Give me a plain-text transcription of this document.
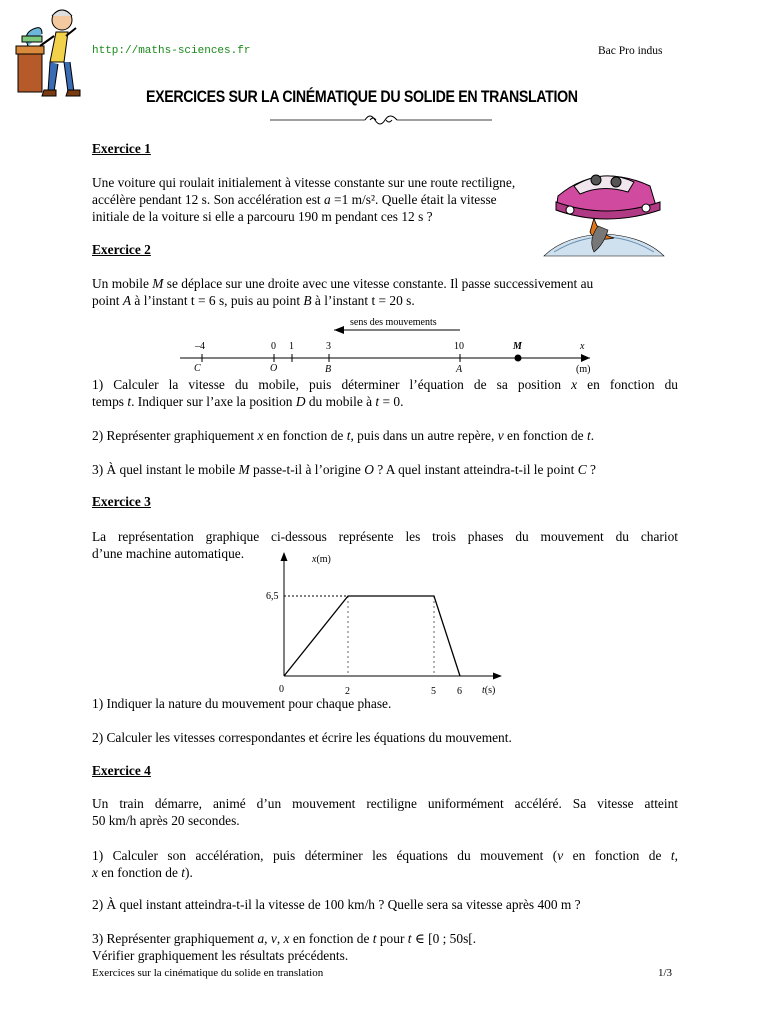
http://maths-sciences.fr	Bac Pro indus
EXERCICES SUR LA CINÉMATIQUE DU SOLIDE EN TRANSLATION
Exercice 1
Une voiture qui roulait initialement à vitesse constante sur une route rectiligne,
accélère pendant 12 s. Son accélération est a =1 m/s². Quelle était la vitesse
initiale de la voiture si elle a parcouru 190 m pendant ces 12 s ?
Exercice 2
Un mobile M se déplace sur une droite avec une vitesse constante. Il passe successivement au
point A à l’instant t = 6 s, puis au point B à l’instant t = 20 s.
sens des mouvements
–4	0 1	3	10	M	x
C	O	B	A	(m)
1) Calculer la vitesse du mobile, puis déterminer l’équation de sa position x en fonction du
temps t. Indiquer sur l’axe la position D du mobile à t = 0.
2) Représenter graphiquement x en fonction de t, puis dans un autre repère, v en fonction de t.
3) À quel instant le mobile M passe-t-il à l’origine O ? A quel instant atteindra-t-il le point C ?
Exercice 3
La représentation graphique ci-dessous représente les trois phases du mouvement du chariot
d’une machine automatique.	x(m)
6,5
0	2	5 6 t(s)
1) Indiquer la nature du mouvement pour chaque phase.
2) Calculer les vitesses correspondantes et écrire les équations du mouvement.
Exercice 4
Un train démarre, animé d’un mouvement rectiligne uniformément accéléré. Sa vitesse atteint
50 km/h après 20 secondes.
1) Calculer son accélération, puis déterminer les équations du mouvement (v en fonction de t,
x en fonction de t).
2) À quel instant atteindra-t-il la vitesse de 100 km/h ? Quelle sera sa vitesse après 400 m ?
3) Représenter graphiquement a, v, x en fonction de t pour t ∈ [0 ; 50s[.
Vérifier graphiquement les résultats précédents.
Exercices sur la cinématique du solide en translation	1/3
